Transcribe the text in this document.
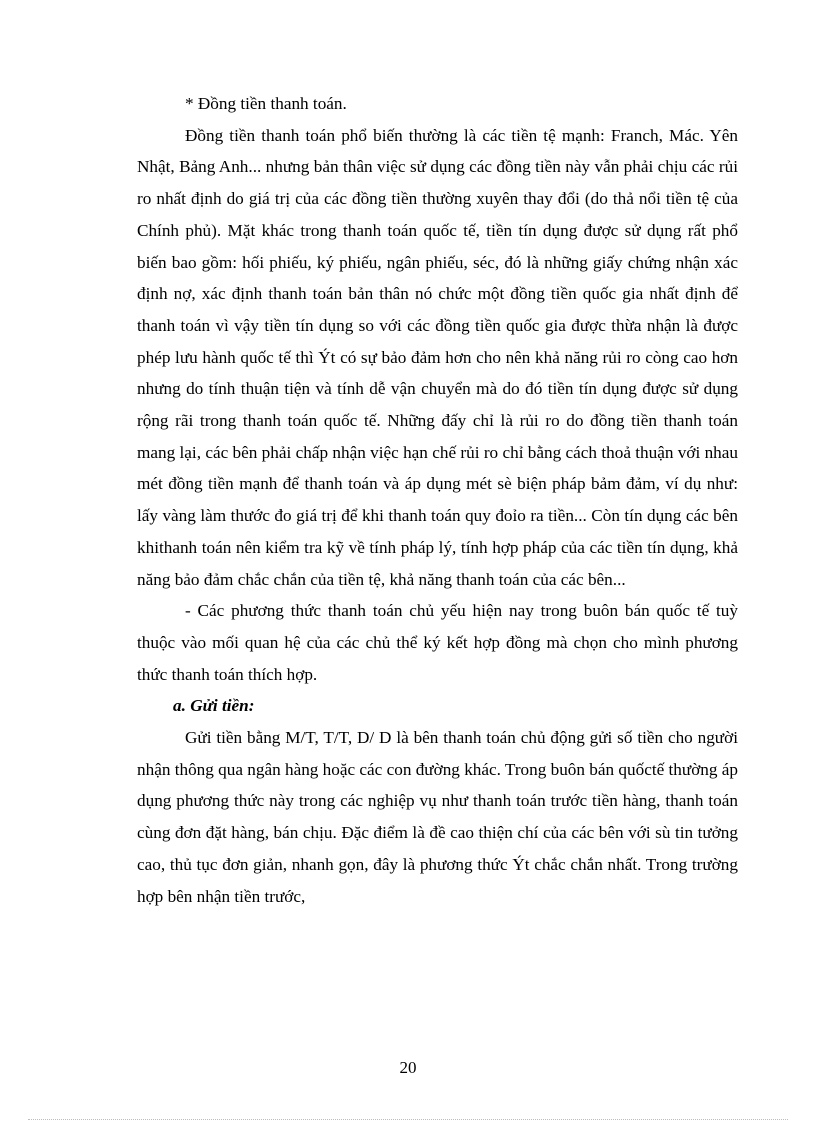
* Đồng tiền thanh toán.

Đồng tiền thanh toán phổ biến thường là các tiền tệ mạnh: Franch, Mác. Yên Nhật, Bảng Anh... nhưng bản thân việc sử dụng các đồng tiền này vẫn phải chịu các rủi ro nhất định do giá trị của các đồng tiền thường xuyên thay đổi (do thả nổi tiền tệ của Chính phủ). Mặt khác trong thanh toán quốc tế, tiền tín dụng được sử dụng rất phổ biến bao gồm: hối phiếu, ký phiếu, ngân phiếu, séc, đó là những giấy chứng nhận xác định nợ, xác định thanh toán bản thân nó chức một đồng tiền quốc gia nhất định để thanh toán vì vậy tiền tín dụng so với các đồng tiền quốc gia được thừa nhận là được phép lưu hành quốc tế thì Ýt có sự bảo đảm hơn cho nên khả năng rủi ro còng cao hơn nhưng do tính thuận tiện và tính dễ vận chuyển mà do đó tiền tín dụng được sử dụng rộng rãi trong thanh toán quốc tế. Những đấy chỉ là rủi ro do đồng tiền thanh toán mang lại, các bên phải chấp nhận việc hạn chế rủi ro chỉ bằng cách thoả thuận với nhau mét đồng tiền mạnh để thanh toán và áp dụng mét sè biện pháp bảm đảm, ví dụ như: lấy vàng làm thước đo giá trị để khi thanh toán quy đoỉo ra tiền... Còn tín dụng các bên khithanh toán nên kiểm tra kỹ về tính pháp lý, tính hợp pháp của các tiền tín dụng, khả năng bảo đảm chắc chắn của tiền tệ, khả năng thanh toán của các bên...

- Các phương thức thanh toán chủ yếu hiện nay trong buôn bán quốc tế tuỳ thuộc vào mối quan hệ của các chủ thể ký kết hợp đồng mà chọn cho mình phương thức thanh toán thích hợp.

a. Gửi tiền:

Gửi tiền bằng M/T, T/T, D/ D là bên thanh toán chủ động gửi số tiền cho người nhận thông qua ngân hàng hoặc các con đường khác. Trong buôn bán quốctế thường áp dụng phương thức này trong các nghiệp vụ như thanh toán trước tiền hàng, thanh toán cùng đơn đặt hàng, bán chịu. Đặc điểm là đề cao thiện chí của các bên với sù tin tưởng cao, thủ tục đơn giản, nhanh gọn, đây là phương thức Ýt chắc chắn nhất. Trong trường hợp bên nhận tiền trước,

20
